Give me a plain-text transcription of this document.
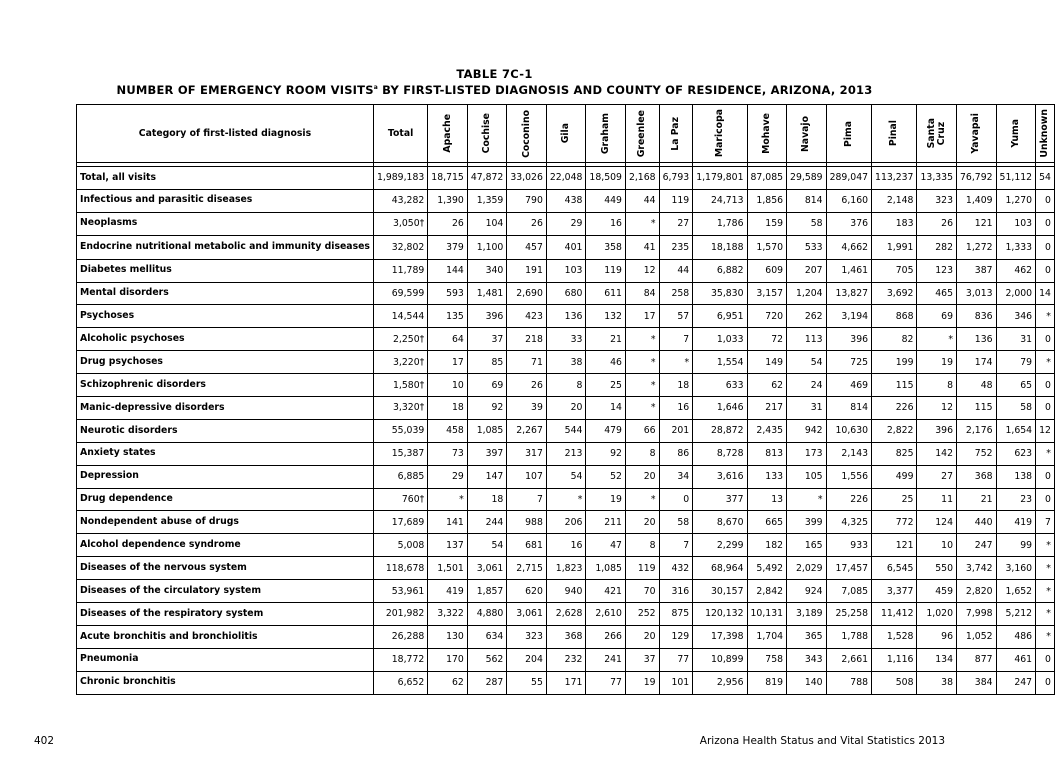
TABLE 7C-1
NUMBER OF EMERGENCY ROOM VISITS$^a$ BY FIRST-LISTED DIAGNOSIS AND COUNTY OF RESIDENCE, ARIZONA, 2013
Category of first-listed diagnosis	Total	Apache	Cochise	Coconino	Gila	Graham	Greenlee	La Paz	Maricopa	Mohave	Navajo	Pima	Pinal	Santa
Cruz	Yavapai	Yuma	Unknown

Total, all visits	1,989,183	18,715	47,872	33,026	22,048	18,509	2,168	6,793	1,179,801	87,085	29,589	289,047	113,237	13,335	76,792	51,112	54
Infectious and parasitic diseases	43,282	1,390	1,359	790	438	449	44	119	24,713	1,856	814	6,160	2,148	323	1,409	1,270	0
Neoplasms	3,050†	26	104	26	29	16	*	27	1,786	159	58	376	183	26	121	103	0
Endocrine nutritional metabolic and immunity diseases	32,802	379	1,100	457	401	358	41	235	18,188	1,570	533	4,662	1,991	282	1,272	1,333	0
Diabetes mellitus	11,789	144	340	191	103	119	12	44	6,882	609	207	1,461	705	123	387	462	0
Mental disorders	69,599	593	1,481	2,690	680	611	84	258	35,830	3,157	1,204	13,827	3,692	465	3,013	2,000	14
Psychoses	14,544	135	396	423	136	132	17	57	6,951	720	262	3,194	868	69	836	346	*
Alcoholic psychoses	2,250†	64	37	218	33	21	*	7	1,033	72	113	396	82	*	136	31	0
Drug psychoses	3,220†	17	85	71	38	46	*	*	1,554	149	54	725	199	19	174	79	*
Schizophrenic disorders	1,580†	10	69	26	8	25	*	18	633	62	24	469	115	8	48	65	0
Manic-depressive disorders	3,320†	18	92	39	20	14	*	16	1,646	217	31	814	226	12	115	58	0
Neurotic disorders	55,039	458	1,085	2,267	544	479	66	201	28,872	2,435	942	10,630	2,822	396	2,176	1,654	12
Anxiety states	15,387	73	397	317	213	92	8	86	8,728	813	173	2,143	825	142	752	623	*
Depression	6,885	29	147	107	54	52	20	34	3,616	133	105	1,556	499	27	368	138	0
Drug dependence	760†	*	18	7	*	19	*	0	377	13	*	226	25	11	21	23	0
Nondependent abuse of drugs	17,689	141	244	988	206	211	20	58	8,670	665	399	4,325	772	124	440	419	7
Alcohol dependence syndrome	5,008	137	54	681	16	47	8	7	2,299	182	165	933	121	10	247	99	*
Diseases of the nervous system	118,678	1,501	3,061	2,715	1,823	1,085	119	432	68,964	5,492	2,029	17,457	6,545	550	3,742	3,160	*
Diseases of the circulatory system	53,961	419	1,857	620	940	421	70	316	30,157	2,842	924	7,085	3,377	459	2,820	1,652	*
Diseases of the respiratory system	201,982	3,322	4,880	3,061	2,628	2,610	252	875	120,132	10,131	3,189	25,258	11,412	1,020	7,998	5,212	*
Acute bronchitis and bronchiolitis	26,288	130	634	323	368	266	20	129	17,398	1,704	365	1,788	1,528	96	1,052	486	*
Pneumonia	18,772	170	562	204	232	241	37	77	10,899	758	343	2,661	1,116	134	877	461	0
Chronic bronchitis	6,652	62	287	55	171	77	19	101	2,956	819	140	788	508	38	384	247	0
402	Arizona Health Status and Vital Statistics 2013
